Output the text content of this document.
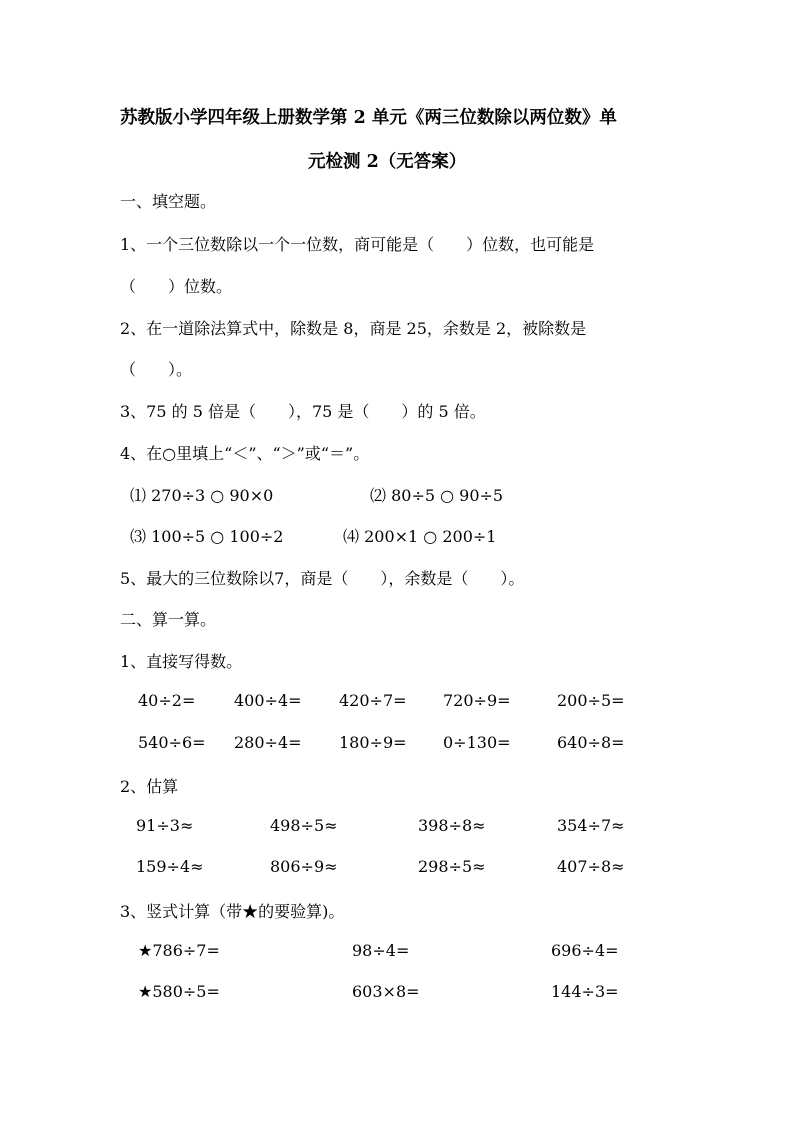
苏教版小学四年级上册数学第 2 单元《两三位数除以两位数》单
元检测 2（无答案）
一、填空题。
1、一个三位数除以一个一位数，商可能是（　　）位数，也可能是
（　　）位数。
2、在一道除法算式中，除数是 8，商是 25，余数是 2，被除数是
（　　）。
3、75 的 5 倍是（　　），75 是（　　）的 5 倍。
4、在○里填上“＜”、“＞”或“＝”。
⑴ 270÷3 ○ 90×0	⑵ 80÷5 ○ 90÷5
⑶ 100÷5 ○ 100÷2	⑷ 200×1 ○ 200÷1
5、最大的三位数除以7，商是（　　），余数是（　　）。
二、算一算。
1、直接写得数。
40÷2= 400÷4= 420÷7= 720÷9=	200÷5=
540÷6= 280÷4= 180÷9= 0÷130=	640÷8=
2、估算
91÷3≈	498÷5≈	398÷8≈	354÷7≈
159÷4≈	806÷9≈	298÷5≈	407÷8≈
3、竖式计算（带★的要验算)。
★786÷7=	98÷4=	696÷4=
★580÷5=	603×8=	144÷3=
